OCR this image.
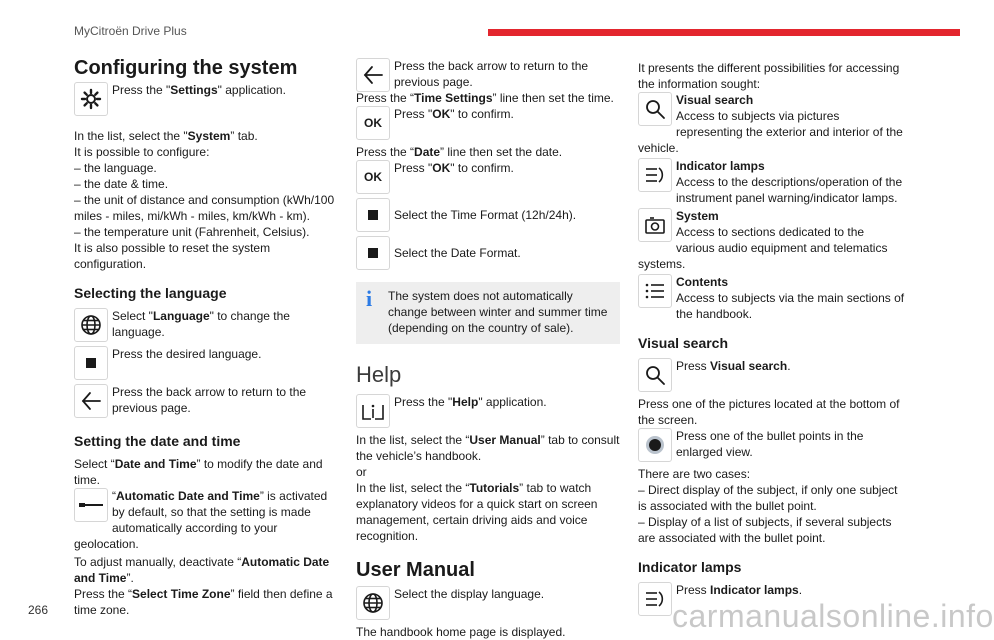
MyCitroën Drive Plus
Configuring the system

Press the "Settings" application.

In the list, select the "System” tab.

It is possible to configure:

– the language.

– the date & time.

– the unit of distance and consumption (kWh/100 miles - miles, mi/kWh - miles, km/kWh - km).

– the temperature unit (Fahrenheit, Celsius).

It is also possible to reset the system configuration.

Selecting the language

Select "Language" to change the language.

Press the desired language.

Press the back arrow to return to the previous page.

Setting the date and time

Select “Date and Time” to modify the date and time.

“Automatic Date and Time” is activated by default, so that the setting is made automatically according to your geolocation.

To adjust manually, deactivate “Automatic Date and Time”.

Press the “Select Time Zone” field then define a time zone.

Press the back arrow to return to the previous page.

Press the “Time Settings” line then set the time.

OK

Press "OK" to confirm.

Press the “Date” line then set the date.

OK

Press "OK" to confirm.

Select the Time Format (12h/24h).

Select the Date Format.

i	The system does not automatically change between winter and summer time (depending on the country of sale).

Help

Press the "Help" application.

In the list, select the “User Manual” tab to consult the vehicle’s handbook.

or

In the list, select the “Tutorials” tab to watch explanatory videos for a quick start on screen management, certain driving aids and voice recognition.

User Manual

Select the display language.

The handbook home page is displayed.

It presents the different possibilities for accessing the information sought:

Visual search
Access to subjects via pictures representing the exterior and interior of the vehicle.

Indicator lamps
Access to the descriptions/operation of the instrument panel warning/indicator lamps.

System
Access to sections dedicated to the various audio equipment and telematics systems.

Contents
Access to subjects via the main sections of the handbook.

Visual search

Press Visual search.

Press one of the pictures located at the bottom of the screen.

Press one of the bullet points in the enlarged view.

There are two cases:

– Direct display of the subject, if only one subject is associated with the bullet point.

– Display of a list of subjects, if several subjects are associated with the bullet point.

Indicator lamps

Press Indicator lamps.

266	carmanualsonline.info
